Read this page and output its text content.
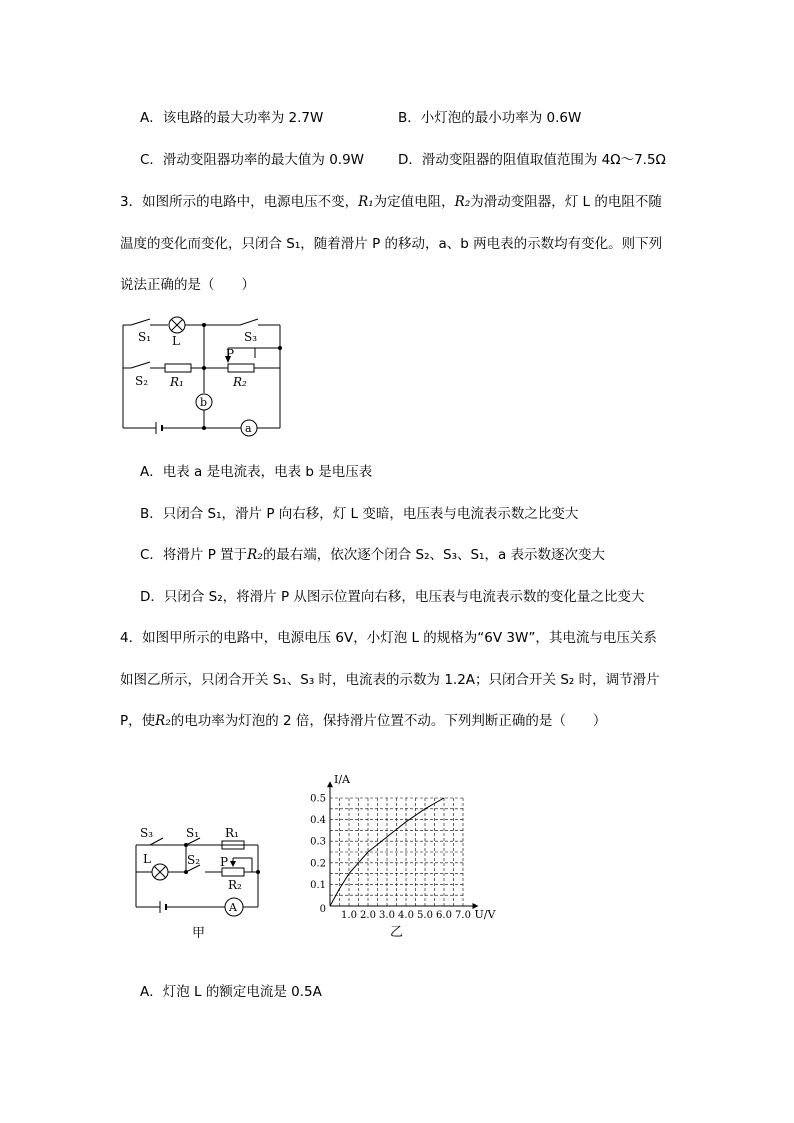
A．该电路的最大功率为 2.7W	B．小灯泡的最小功率为 0.6W
C．滑动变阻器功率的最大值为 0.9W	D．滑动变阻器的阻值取值范围为 4Ω～7.5Ω
3．如图所示的电路中，电源电压不变，R₁为定值电阻，R₂为滑动变阻器，灯 L 的电阻不随
温度的变化而变化，只闭合 S₁，随着滑片 P 的移动，a、b 两电表的示数均有变化。则下列
说法正确的是（　　）
S₁ L	S₃
P
S₂ R₁	R₂
b
a
A．电表 a 是电流表，电表 b 是电压表
B．只闭合 S₁，滑片 P 向右移，灯 L 变暗，电压表与电流表示数之比变大
C．将滑片 P 置于R₂的最右端，依次逐个闭合 S₂、S₃、S₁，a 表示数逐次变大
D．只闭合 S₂，将滑片 P 从图示位置向右移，电压表与电流表示数的变化量之比变大
4．如图甲所示的电路中，电源电压 6V，小灯泡 L 的规格为“6V 3W”，其电流与电压关系
如图乙所示，只闭合开关 S₁、S₃ 时，电流表的示数为 1.2A；只闭合开关 S₂ 时，调节滑片
P，使R₂的电功率为灯泡的 2 倍，保持滑片位置不动。下列判断正确的是（　　）
S₃	S₁ R₁
L	S₂ P
R₂
A
甲
1.0 2.0 3.0 4.0 5.0 6.0 7.0
0.1
0.2
0.3
0.4
0.5
0
I/A
U/V
乙
A．灯泡 L 的额定电流是 0.5A
